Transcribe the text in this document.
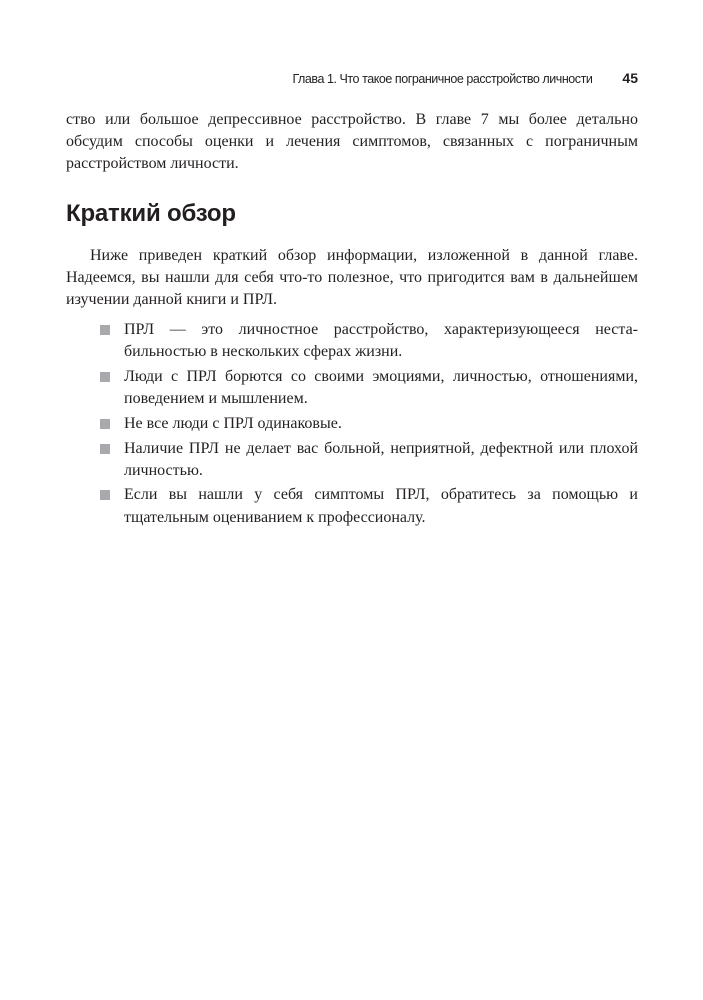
Глава 1. Что такое пограничное расстройство личности 45

ство или большое депрессивное расстройство. В главе 7 мы более детально обсудим способы оценки и лечения симптомов, связанных с пограничным расстройством личности.

Краткий обзор

Ниже приведен краткий обзор информации, изложенной в данной главе. Надеемся, вы нашли для себя что-то полезное, что пригодится вам в дальнейшем изучении данной книги и ПРЛ.

ПРЛ — это личностное расстройство, характеризующееся нестабильностью в нескольких сферах жизни.
Люди с ПРЛ борются со своими эмоциями, личностью, отношениями, поведением и мышлением.
Не все люди с ПРЛ одинаковые.
Наличие ПРЛ не делает вас больной, неприятной, дефектной или плохой личностью.
Если вы нашли у себя симптомы ПРЛ, обратитесь за помощью и тщательным оцениванием к профессионалу.
